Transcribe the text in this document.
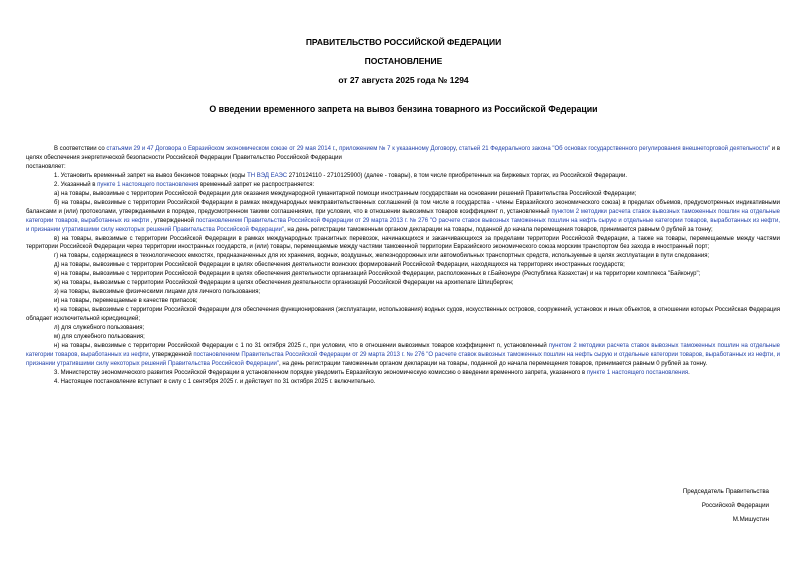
ПРАВИТЕЛЬСТВО РОССИЙСКОЙ ФЕДЕРАЦИИ
ПОСТАНОВЛЕНИЕ
от 27 августа 2025 года № 1294
О введении временного запрета на вывоз бензина товарного из Российской Федерации

В соответствии со статьями 29 и 47 Договора о Евразийском экономическом союзе от 29 мая 2014 г., приложением № 7 к указанному Договору, статьей 21 Федерального закона "Об основах государственного регулирования внешнеторговой деятельности" и в целях обеспечения энергетической безопасности Российской Федерации Правительство Российской Федерации

постановляет:

1. Установить временный запрет на вывоз бензинов товарных (коды ТН ВЭД ЕАЭС 2710124110 - 2710125900) (далее - товары), в том числе приобретенных на биржевых торгах, из Российской Федерации.

2. Указанный в пункте 1 настоящего постановления временный запрет не распространяется:

а) на товары, вывозимые с территории Российской Федерации для оказания международной гуманитарной помощи иностранным государствам на основании решений Правительства Российской Федерации;

б) на товары, вывозимые с территории Российской Федерации в рамках международных межправительственных соглашений (в том числе в государства - члены Евразийского экономического союза) в пределах объемов, предусмотренных индикативными балансами и (или) протоколами, утверждаемыми в порядке, предусмотренном такими соглашениями, при условии, что в отношении вывозимых товаров коэффициент n, установленный пунктом 2 методики расчета ставок вывозных таможенных пошлин на отдельные категории товаров, выработанных из нефти , утвержденной постановлением Правительства Российской Федерации от 29 марта 2013 г. № 276 "О расчете ставок вывозных таможенных пошлин на нефть сырую и отдельные категории товаров, выработанных из нефти, и признании утратившими силу некоторых решений Правительства Российской Федерации", на день регистрации таможенным органом декларации на товары, поданной до начала перемещения товаров, принимается равным 0 рублей за тонну;

в) на товары, вывозимые с территории Российской Федерации в рамках международных транзитных перевозок, начинающихся и заканчивающихся за пределами территории Российской Федерации, а также на товары, перемещаемые между частями территории Российской Федерации через территории иностранных государств, и (или) товары, перемещаемые между частями таможенной территории Евразийского экономического союза морским транспортом без захода в иностранный порт;

г) на товары, содержащиеся в технологических емкостях, предназначенных для их хранения, водных, воздушных, железнодорожных или автомобильных транспортных средств, используемые в целях эксплуатации в пути следования;

д) на товары, вывозимые с территории Российской Федерации в целях обеспечения деятельности воинских формирований Российской Федерации, находящихся на территориях иностранных государств;

е) на товары, вывозимые с территории Российской Федерации в целях обеспечения деятельности организаций Российской Федерации, расположенных в г.Байконуре (Республика Казахстан) и на территории комплекса "Байконур";

ж) на товары, вывозимые с территории Российской Федерации в целях обеспечения деятельности организаций Российской Федерации на архипелаге Шпицберген;

з) на товары, вывозимые физическими лицами для личного пользования;

и) на товары, перемещаемые в качестве припасов;

к) на товары, вывозимые с территории Российской Федерации для обеспечения функционирования (эксплуатации, использования) водных судов, искусственных островов, сооружений, установок и иных объектов, в отношении которых Российская Федерация обладает исключительной юрисдикцией;

л) для служебного пользования;

м) для служебного пользования;

н) на товары, вывозимые с территории Российской Федерации с 1 по 31 октября 2025 г., при условии, что в отношении вывозимых товаров коэффициент n, установленный пунктом 2 методики расчета ставок вывозных таможенных пошлин на отдельные категории товаров, выработанных из нефти, утвержденной постановлением Правительства Российской Федерации от 29 марта 2013 г. № 276 "О расчете ставок вывозных таможенных пошлин на нефть сырую и отдельные категории товаров, выработанных из нефти, и признании утратившими силу некоторых решений Правительства Российской Федерации", на день регистрации таможенным органом декларации на товары, поданной до начала перемещения товаров, принимается равным 0 рублей за тонну.

3. Министерству экономического развития Российской Федерации в установленном порядке уведомить Евразийскую экономическую комиссию о введении временного запрета, указанного в пункте 1 настоящего постановления.

4. Настоящее постановление вступает в силу с 1 сентября 2025 г. и действует по 31 октября 2025 г. включительно.

Председатель Правительства
Российской Федерации
М.Мишустин
